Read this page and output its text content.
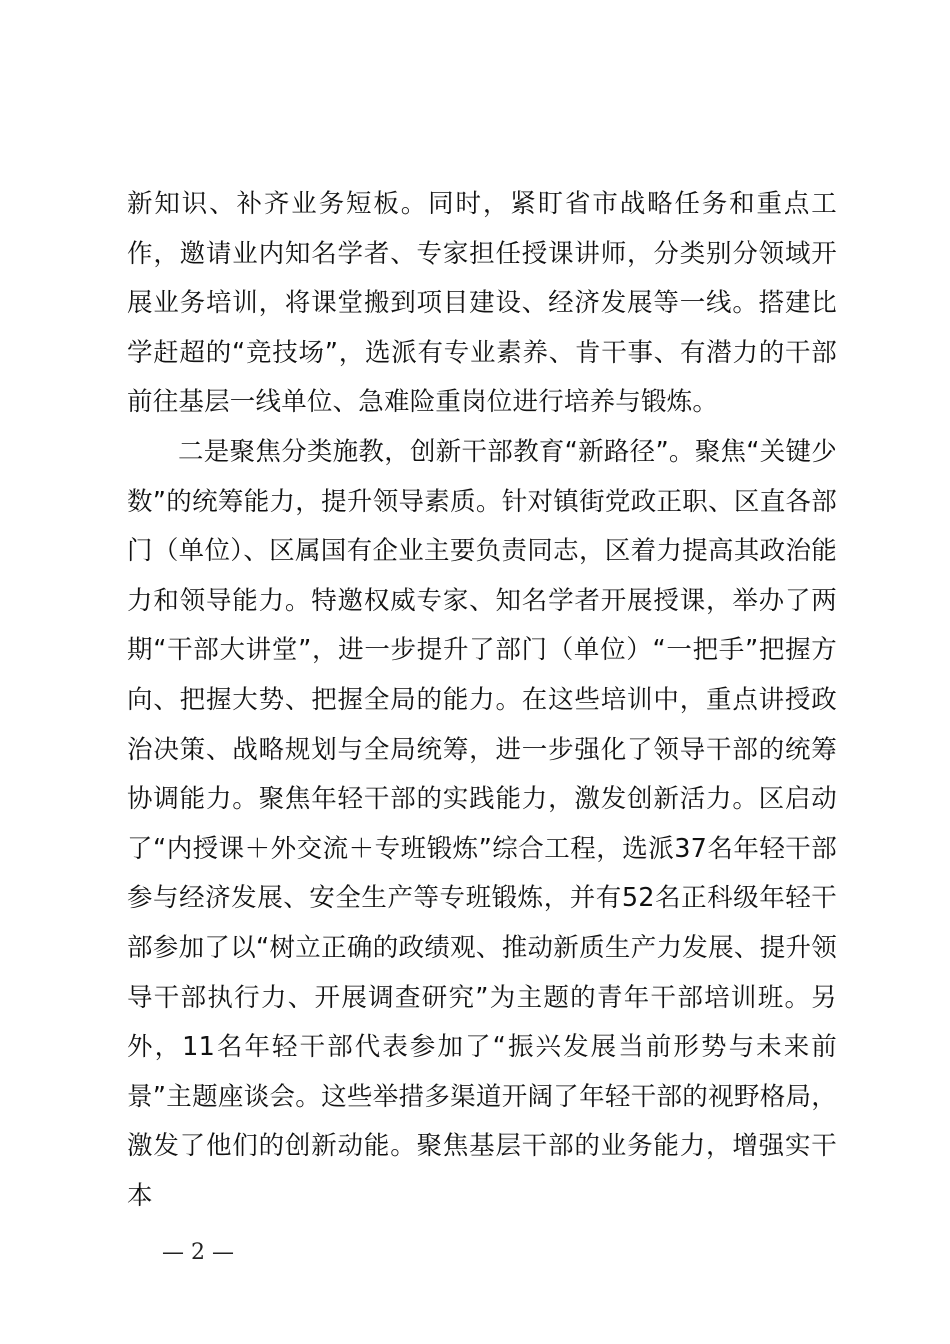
新知识、补齐业务短板。同时，紧盯省市战略任务和重点工作，邀请业内知名学者、专家担任授课讲师，分类别分领域开展业务培训，将课堂搬到项目建设、经济发展等一线。搭建比学赶超的“竞技场”，选派有专业素养、肯干事、有潜力的干部前往基层一线单位、急难险重岗位进行培养与锻炼。

二是聚焦分类施教，创新干部教育“新路径”。聚焦“关键少数”的统筹能力，提升领导素质。针对镇街党政正职、区直各部门（单位）、区属国有企业主要负责同志，区着力提高其政治能力和领导能力。特邀权威专家、知名学者开展授课，举办了两期“干部大讲堂”，进一步提升了部门（单位）“一把手”把握方向、把握大势、把握全局的能力。在这些培训中，重点讲授政治决策、战略规划与全局统筹，进一步强化了领导干部的统筹协调能力。聚焦年轻干部的实践能力，激发创新活力。区启动了“内授课＋外交流＋专班锻炼”综合工程，选派37名年轻干部参与经济发展、安全生产等专班锻炼，并有52名正科级年轻干部参加了以“树立正确的政绩观、推动新质生产力发展、提升领导干部执行力、开展调查研究”为主题的青年干部培训班。另外，11名年轻干部代表参加了“振兴发展当前形势与未来前景”主题座谈会。这些举措多渠道开阔了年轻干部的视野格局，激发了他们的创新动能。聚焦基层干部的业务能力，增强实干本

— 2 —
